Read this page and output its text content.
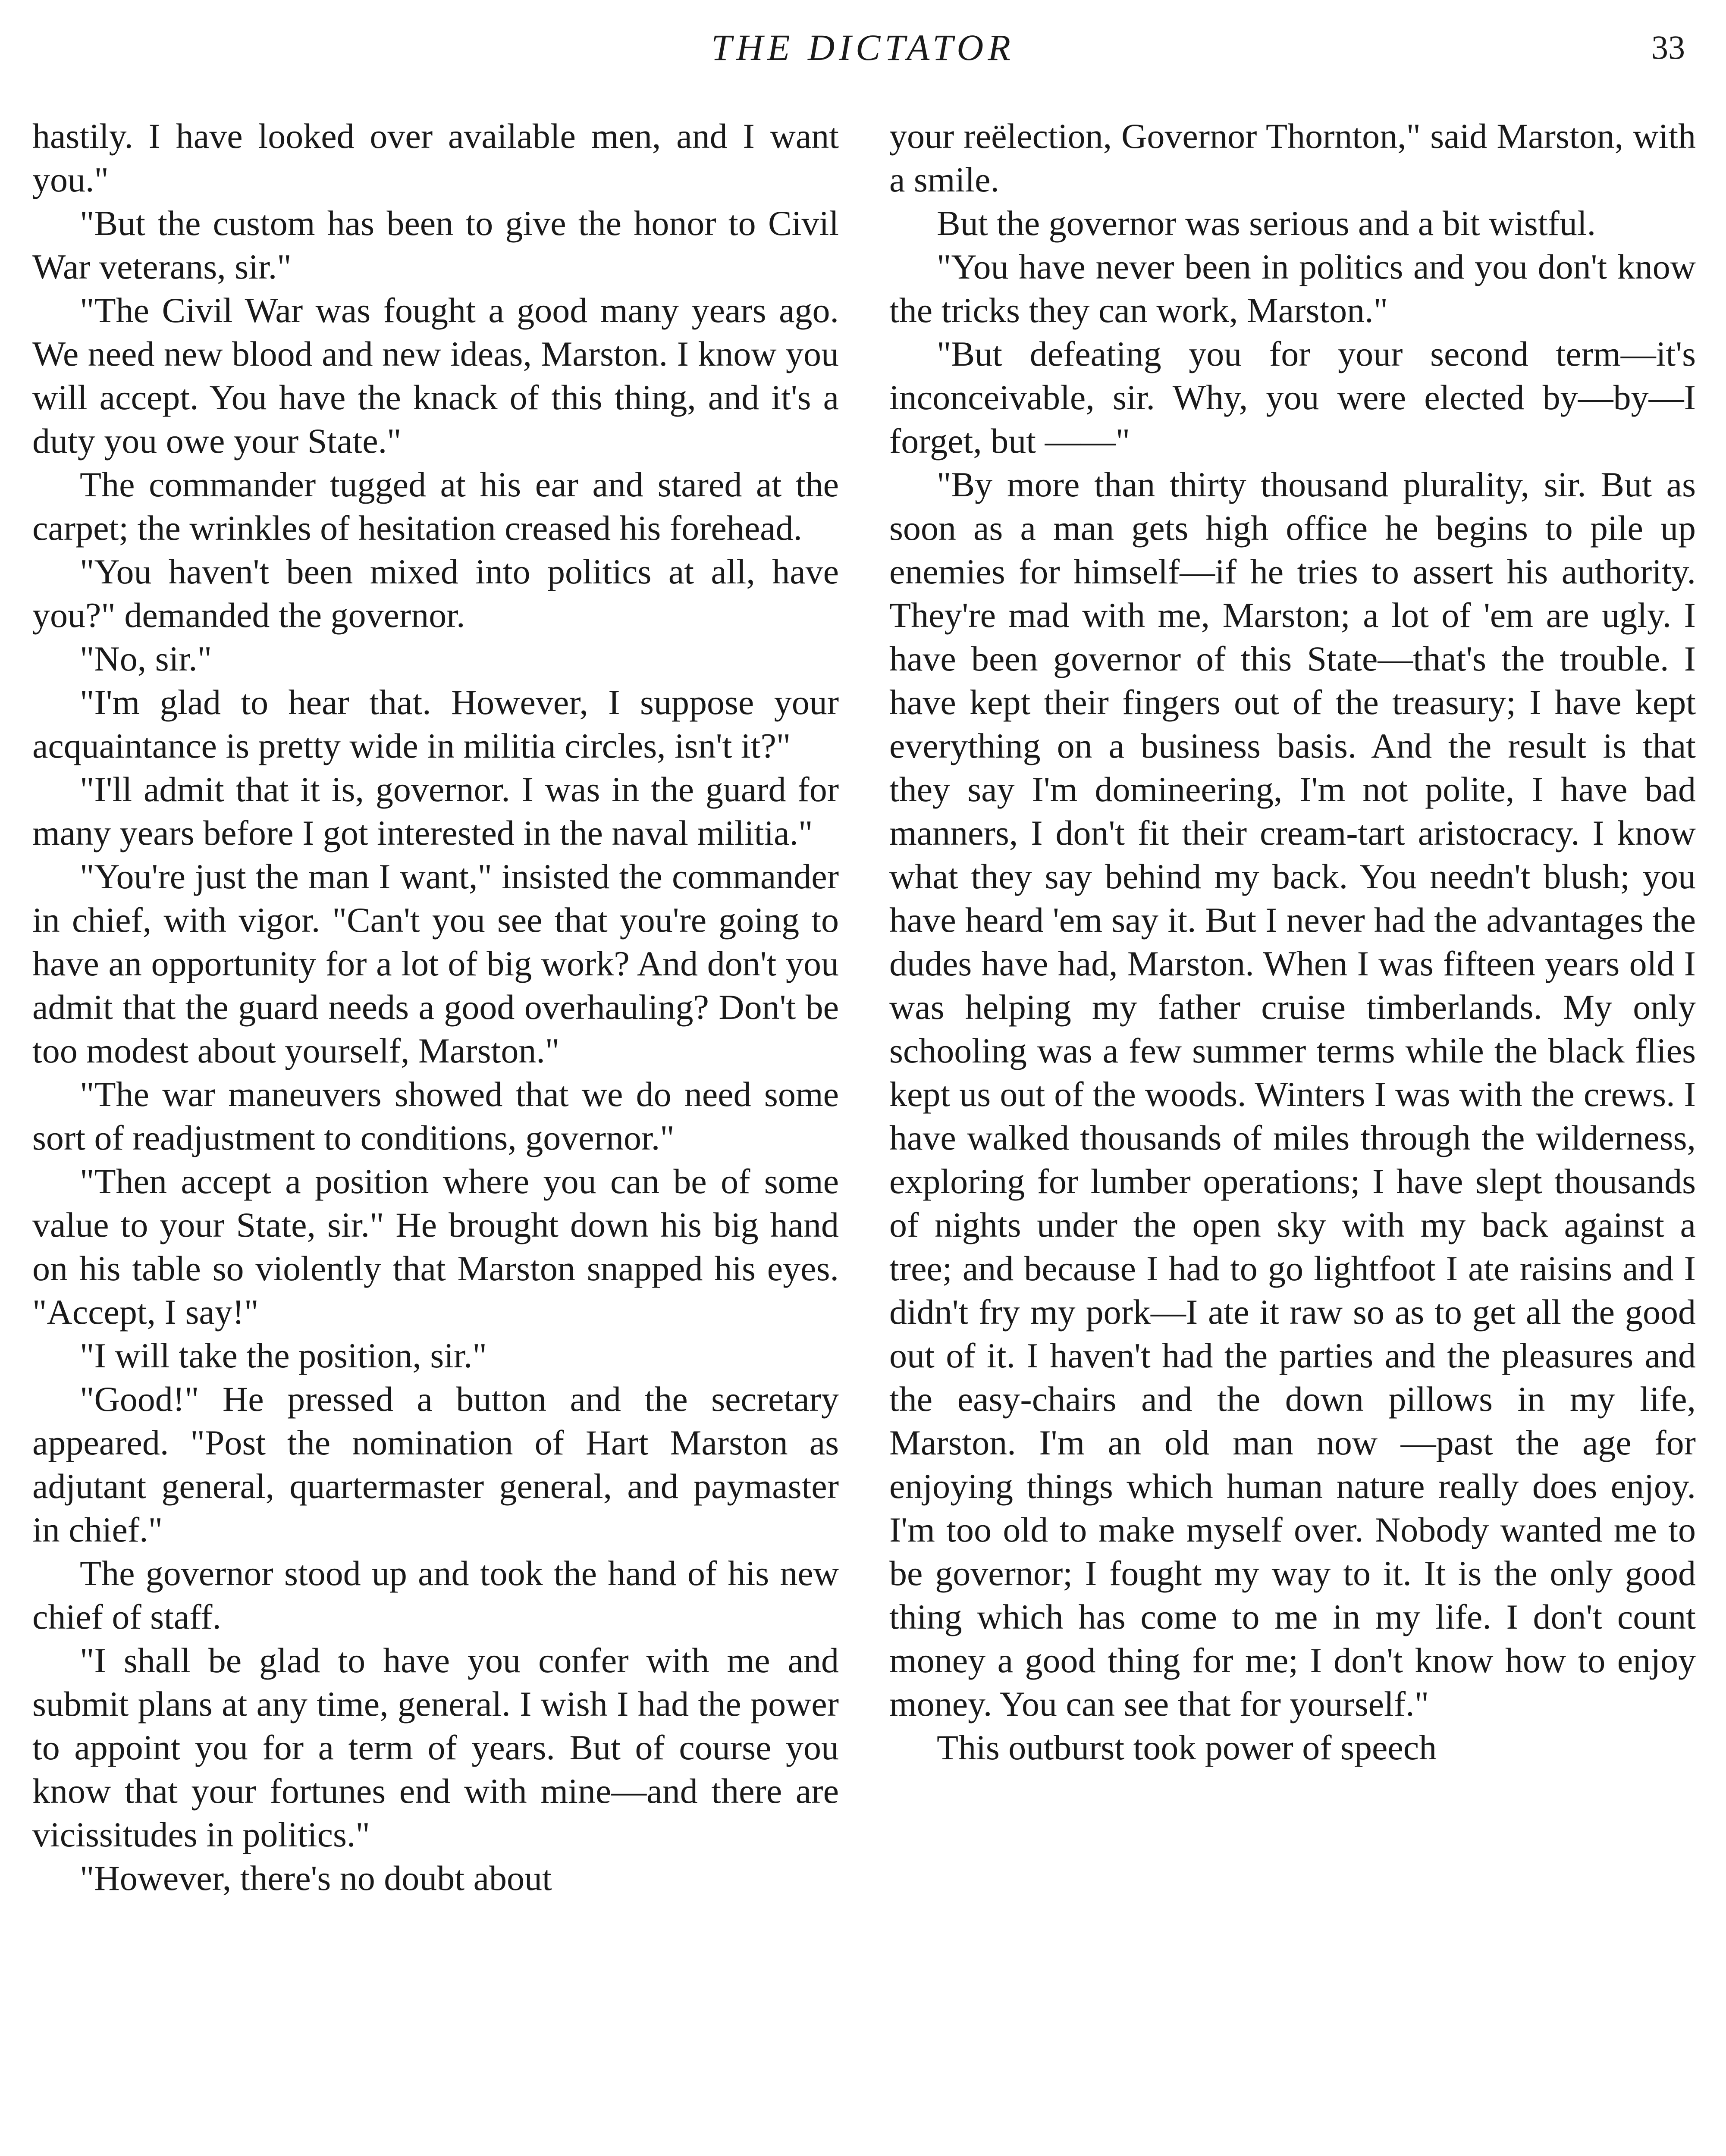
THE DICTATOR	33

hastily. I have looked over available men, and I want you."

"But the custom has been to give the honor to Civil War veterans, sir."

"The Civil War was fought a good many years ago. We need new blood and new ideas, Marston. I know you will accept. You have the knack of this thing, and it's a duty you owe your State."

The commander tugged at his ear and stared at the carpet; the wrinkles of hesitation creased his forehead.

"You haven't been mixed into politics at all, have you?" demanded the governor.

"No, sir."

"I'm glad to hear that. However, I suppose your acquaintance is pretty wide in militia circles, isn't it?"

"I'll admit that it is, governor. I was in the guard for many years before I got interested in the naval militia."

"You're just the man I want," insisted the commander in chief, with vigor. "Can't you see that you're going to have an opportunity for a lot of big work? And don't you admit that the guard needs a good overhauling? Don't be too modest about yourself, Marston."

"The war maneuvers showed that we do need some sort of readjustment to conditions, governor."

"Then accept a position where you can be of some value to your State, sir." He brought down his big hand on his table so violently that Marston snapped his eyes. "Accept, I say!"

"I will take the position, sir."

"Good!" He pressed a button and the secretary appeared. "Post the nomination of Hart Marston as adjutant general, quartermaster general, and paymaster in chief."

The governor stood up and took the hand of his new chief of staff.

"I shall be glad to have you confer with me and submit plans at any time, general. I wish I had the power to appoint you for a term of years. But of course you know that your fortunes end with mine—and there are vicissitudes in politics."

"However, there's no doubt about

your reëlection, Governor Thornton," said Marston, with a smile.

But the governor was serious and a bit wistful.

"You have never been in politics and you don't know the tricks they can work, Marston."

"But defeating you for your second term—it's inconceivable, sir. Why, you were elected by—by—I forget, but ——"

"By more than thirty thousand plurality, sir. But as soon as a man gets high office he begins to pile up enemies for himself—if he tries to assert his authority. They're mad with me, Marston; a lot of 'em are ugly. I have been governor of this State—that's the trouble. I have kept their fingers out of the treasury; I have kept everything on a business basis. And the result is that they say I'm domineering, I'm not polite, I have bad manners, I don't fit their cream-tart aristocracy. I know what they say behind my back. You needn't blush; you have heard 'em say it. But I never had the advantages the dudes have had, Marston. When I was fifteen years old I was helping my father cruise timberlands. My only schooling was a few summer terms while the black flies kept us out of the woods. Winters I was with the crews. I have walked thousands of miles through the wilderness, exploring for lumber operations; I have slept thousands of nights under the open sky with my back against a tree; and because I had to go lightfoot I ate raisins and I didn't fry my pork—I ate it raw so as to get all the good out of it. I haven't had the parties and the pleasures and the easy-chairs and the down pillows in my life, Marston. I'm an old man now —past the age for enjoying things which human nature really does enjoy. I'm too old to make myself over. Nobody wanted me to be governor; I fought my way to it. It is the only good thing which has come to me in my life. I don't count money a good thing for me; I don't know how to enjoy money. You can see that for yourself."

This outburst took power of speech
